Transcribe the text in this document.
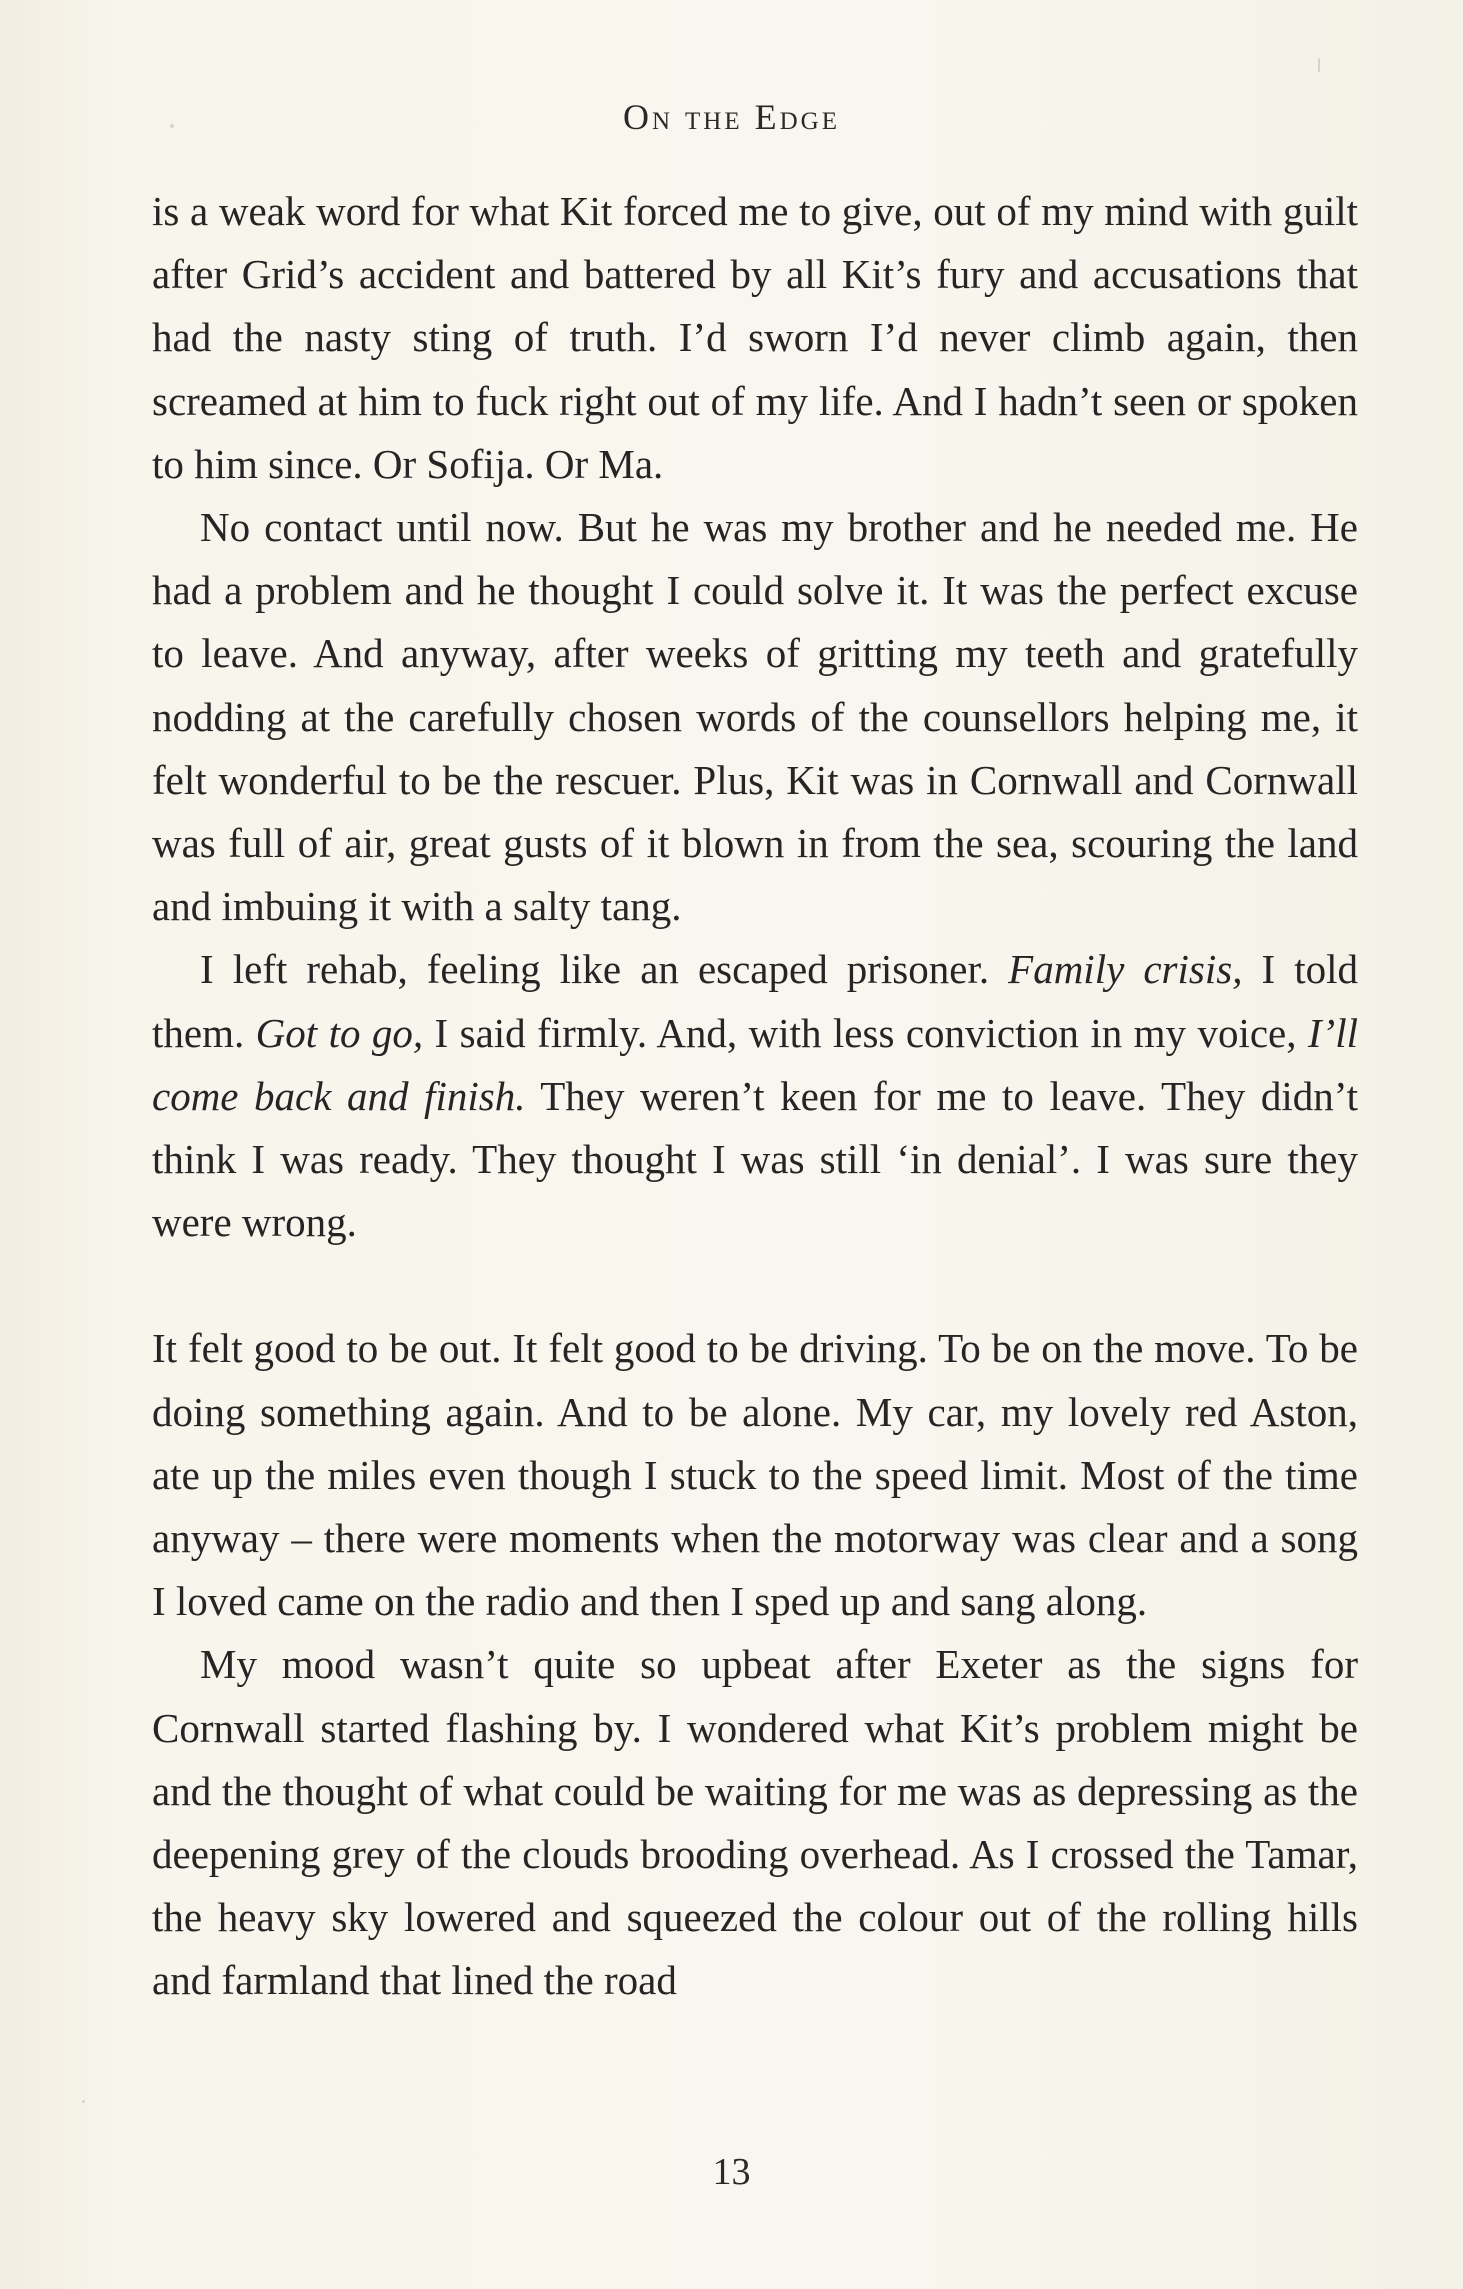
On the Edge

is a weak word for what Kit forced me to give, out of my mind with guilt after Grid’s accident and battered by all Kit’s fury and accusations that had the nasty sting of truth. I’d sworn I’d never climb again, then screamed at him to fuck right out of my life. And I hadn’t seen or spoken to him since. Or Sofija. Or Ma.

No contact until now. But he was my brother and he needed me. He had a problem and he thought I could solve it. It was the perfect excuse to leave. And anyway, after weeks of gritting my teeth and gratefully nodding at the carefully chosen words of the counsellors helping me, it felt wonderful to be the rescuer. Plus, Kit was in Cornwall and Cornwall was full of air, great gusts of it blown in from the sea, scouring the land and imbuing it with a salty tang.

I left rehab, feeling like an escaped prisoner. Family crisis, I told them. Got to go, I said firmly. And, with less conviction in my voice, I’ll come back and finish. They weren’t keen for me to leave. They didn’t think I was ready. They thought I was still ‘in denial’. I was sure they were wrong.

It felt good to be out. It felt good to be driving. To be on the move. To be doing something again. And to be alone. My car, my lovely red Aston, ate up the miles even though I stuck to the speed limit. Most of the time anyway – there were moments when the motorway was clear and a song I loved came on the radio and then I sped up and sang along.

My mood wasn’t quite so upbeat after Exeter as the signs for Cornwall started flashing by. I wondered what Kit’s problem might be and the thought of what could be waiting for me was as depressing as the deepening grey of the clouds brooding overhead. As I crossed the Tamar, the heavy sky lowered and squeezed the colour out of the rolling hills and farmland that lined the road

13
